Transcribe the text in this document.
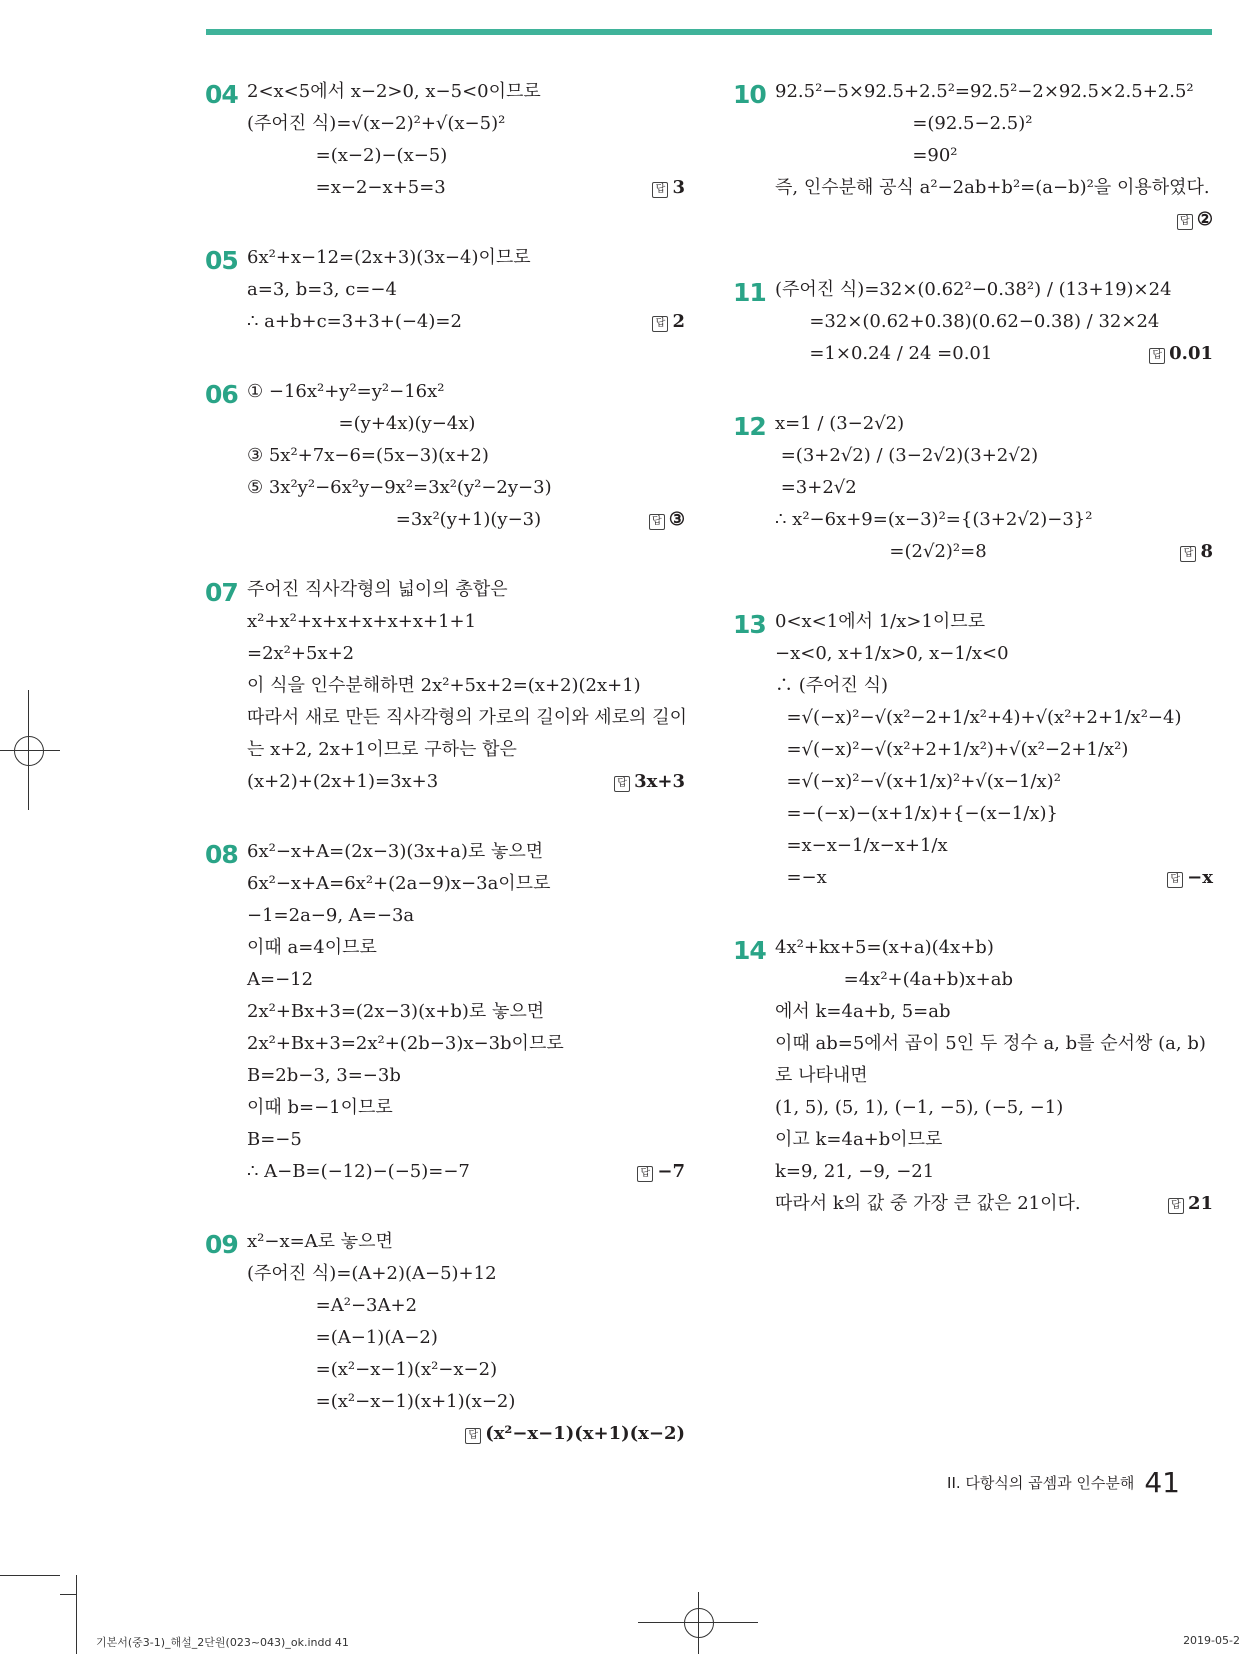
04 2<x<5에서 x−2>0, x−5<0이므로
(주어진 식)=√(x−2)²+√(x−5)²
=(x−2)−(x−5)
=x−2−x+5=3	답 3
05 6x²+x−12=(2x+3)(3x−4)이므로
a=3, b=3, c=−4
∴ a+b+c=3+3+(−4)=2	답 2
06 ① −16x²+y²=y²−16x²
=(y+4x)(y−4x)
③ 5x²+7x−6=(5x−3)(x+2)
⑤ 3x²y²−6x²y−9x²=3x²(y²−2y−3)
=3x²(y+1)(y−3)	답 ③
07 주어진 직사각형의 넓이의 총합은
x²+x²+x+x+x+x+x+1+1
=2x²+5x+2
이 식을 인수분해하면 2x²+5x+2=(x+2)(2x+1)
따라서 새로 만든 직사각형의 가로의 길이와 세로의 길이
는 x+2, 2x+1이므로 구하는 합은
(x+2)+(2x+1)=3x+3	답 3x+3
08 6x²−x+A=(2x−3)(3x+a)로 놓으면
6x²−x+A=6x²+(2a−9)x−3a이므로
−1=2a−9, A=−3a
이때 a=4이므로
A=−12
2x²+Bx+3=(2x−3)(x+b)로 놓으면
2x²+Bx+3=2x²+(2b−3)x−3b이므로
B=2b−3, 3=−3b
이때 b=−1이므로
B=−5
∴ A−B=(−12)−(−5)=−7	답 −7
09 x²−x=A로 놓으면
(주어진 식)=(A+2)(A−5)+12
=A²−3A+2
=(A−1)(A−2)
=(x²−x−1)(x²−x−2)
=(x²−x−1)(x+1)(x−2)
답 (x²−x−1)(x+1)(x−2)
10 92.5²−5×92.5+2.5²=92.5²−2×92.5×2.5+2.5²
=(92.5−2.5)²
=90²
즉, 인수분해 공식 a²−2ab+b²=(a−b)²을 이용하였다.
답 ②
11 (주어진 식)=32×(0.62²−0.38²) / (13+19)×24
=32×(0.62+0.38)(0.62−0.38) / 32×24
=1×0.24 / 24 =0.01	답 0.01
12 x=1 / (3−2√2)
=(3+2√2) / (3−2√2)(3+2√2)
=3+2√2
∴ x²−6x+9=(x−3)²={(3+2√2)−3}²
=(2√2)²=8	답 8
13 0<x<1에서 1/x>1이므로
−x<0, x+1/x>0, x−1/x<0
∴ (주어진 식)
=√(−x)²−√(x²−2+1/x²+4)+√(x²+2+1/x²−4)
=√(−x)²−√(x²+2+1/x²)+√(x²−2+1/x²)
=√(−x)²−√(x+1/x)²+√(x−1/x)²
=−(−x)−(x+1/x)+{−(x−1/x)}
=x−x−1/x−x+1/x
=−x	답 −x
14 4x²+kx+5=(x+a)(4x+b)
=4x²+(4a+b)x+ab
에서 k=4a+b, 5=ab
이때 ab=5에서 곱이 5인 두 정수 a, b를 순서쌍 (a, b)
로 나타내면
(1, 5), (5, 1), (−1, −5), (−5, −1)
이고 k=4a+b이므로
k=9, 21, −9, −21
따라서 k의 값 중 가장 큰 값은 21이다.	답 21
II. 다항식의 곱셈과 인수분해 41
기본서(중3-1)_해설_2단원(023~043)_ok.indd 41	2019-05-2
